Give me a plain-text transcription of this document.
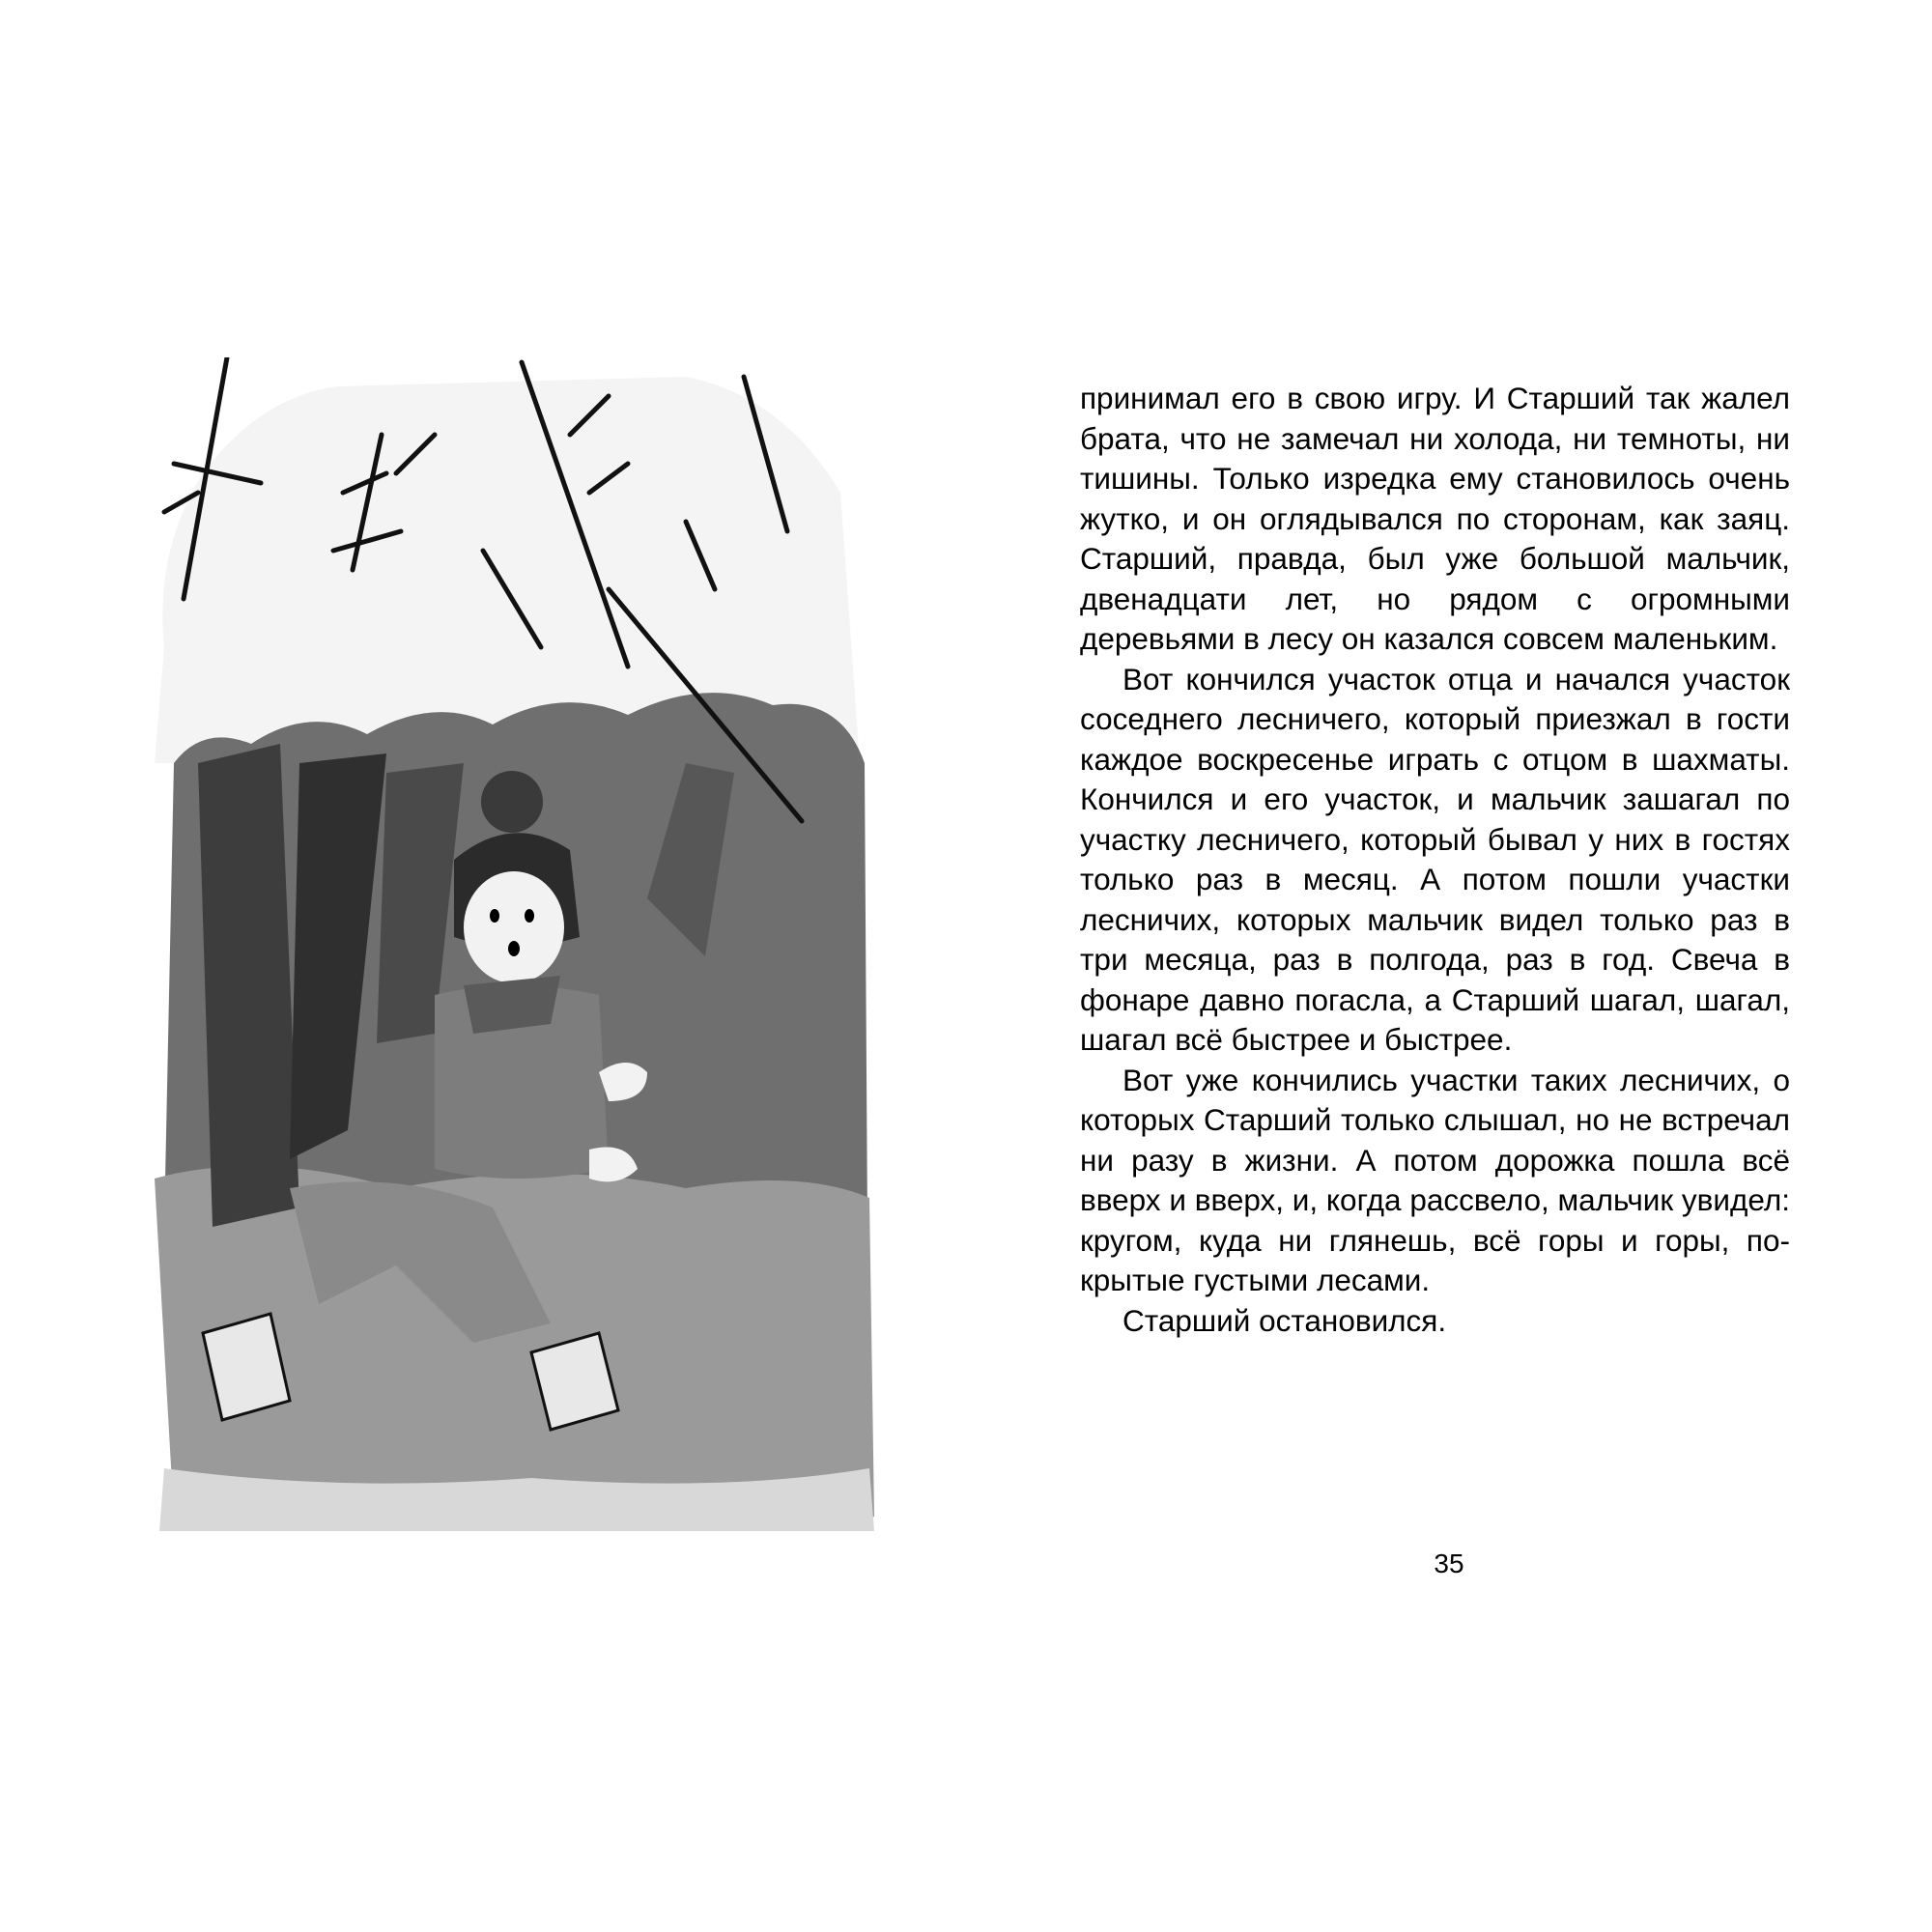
принимал его в свою игру. И Старший так жалел брата, что не замечал ни холода, ни темноты, ни тишины. Только изредка ему становилось очень жутко, и он оглядывался по сторонам, как заяц. Старший, правда, был уже большой мальчик, двенадцати лет, но рядом с огромными деревьями в лесу он казался совсем маленьким.

Вот кончился участок отца и начался участок соседнего лесничего, который приезжал в гости каждое воскресенье играть с отцом в шахматы. Кончился и его участок, и мальчик зашагал по участку лесничего, который бывал у них в гостях только раз в месяц. А потом пошли участки лесничих, которых мальчик видел только раз в три месяца, раз в полгода, раз в год. Свеча в фонаре давно погасла, а Старший шагал, шагал, шагал всё быстрее и быстрее.

Вот уже кончились участки таких лесничих, о которых Старший только слышал, но не встречал ни разу в жизни. А потом дорожка пошла всё вверх и вверх, и, когда рассвело, мальчик увидел: кругом, куда ни глянешь, всё горы и горы, покрытые густыми лесами.

Старший остановился.

35
